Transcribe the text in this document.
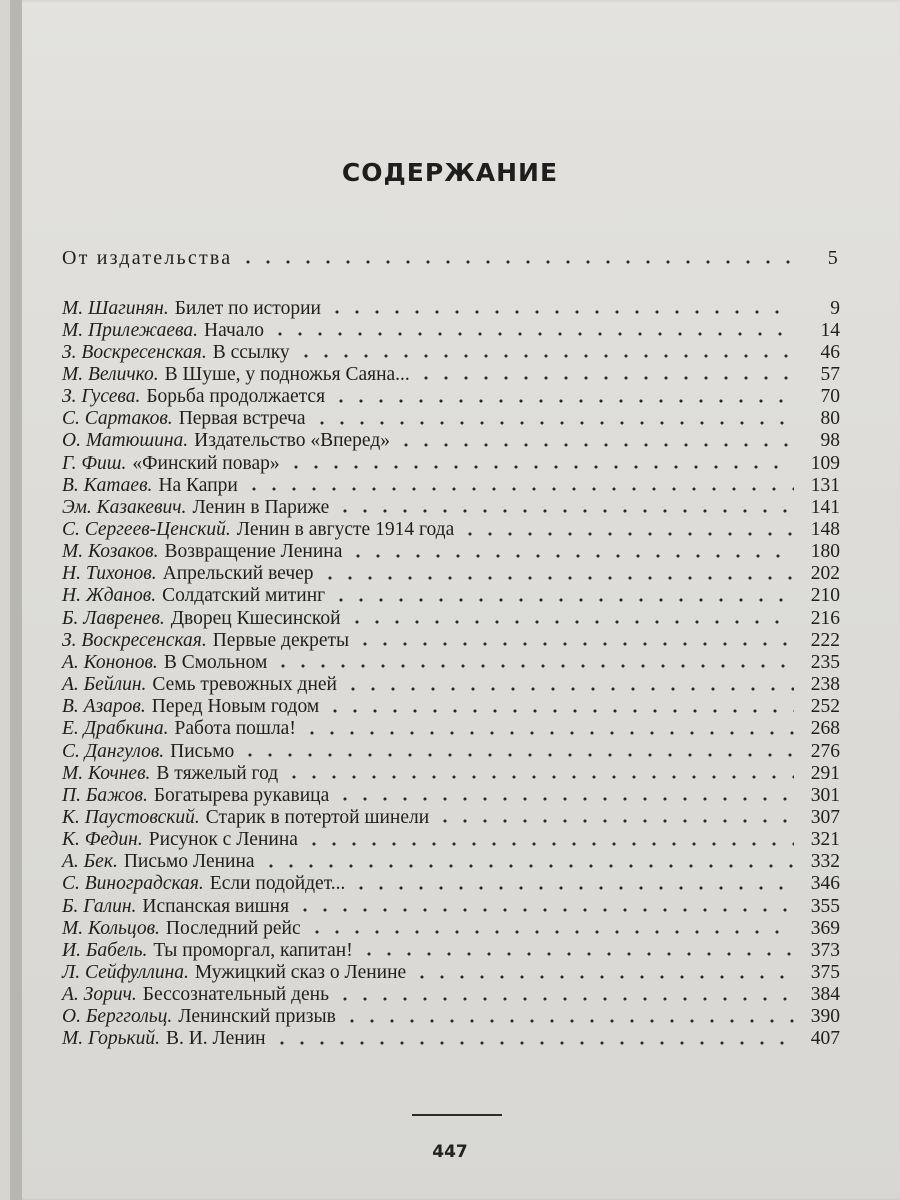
СОДЕРЖАНИЕ
От издательства	5
М. Шагинян. Билет по истории	9
М. Прилежаева. Начало	14
З. Воскресенская. В ссылку	46
М. Величко. В Шуше, у подножья Саяна...	57
З. Гусева. Борьба продолжается	70
С. Сартаков. Первая встреча	80
О. Матюшина. Издательство «Вперед»	98
Г. Фиш. «Финский повар»	109
В. Катаев. На Капри	131
Эм. Казакевич. Ленин в Париже	141
С. Сергеев-Ценский. Ленин в августе 1914 года	148
М. Козаков. Возвращение Ленина	180
Н. Тихонов. Апрельский вечер	202
Н. Жданов. Солдатский митинг	210
Б. Лавренев. Дворец Кшесинской	216
З. Воскресенская. Первые декреты	222
А. Кононов. В Смольном	235
А. Бейлин. Семь тревожных дней	238
В. Азаров. Перед Новым годом	252
Е. Драбкина. Работа пошла!	268
С. Дангулов. Письмо	276
М. Кочнев. В тяжелый год	291
П. Бажов. Богатырева рукавица	301
К. Паустовский. Старик в потертой шинели	307
К. Федин. Рисунок с Ленина	321
А. Бек. Письмо Ленина	332
С. Виноградская. Если подойдет...	346
Б. Галин. Испанская вишня	355
М. Кольцов. Последний рейс	369
И. Бабель. Ты проморгал, капитан!	373
Л. Сейфуллина. Мужицкий сказ о Ленине	375
А. Зорич. Бессознательный день	384
О. Берггольц. Ленинский призыв	390
М. Горький. В. И. Ленин	407
447
